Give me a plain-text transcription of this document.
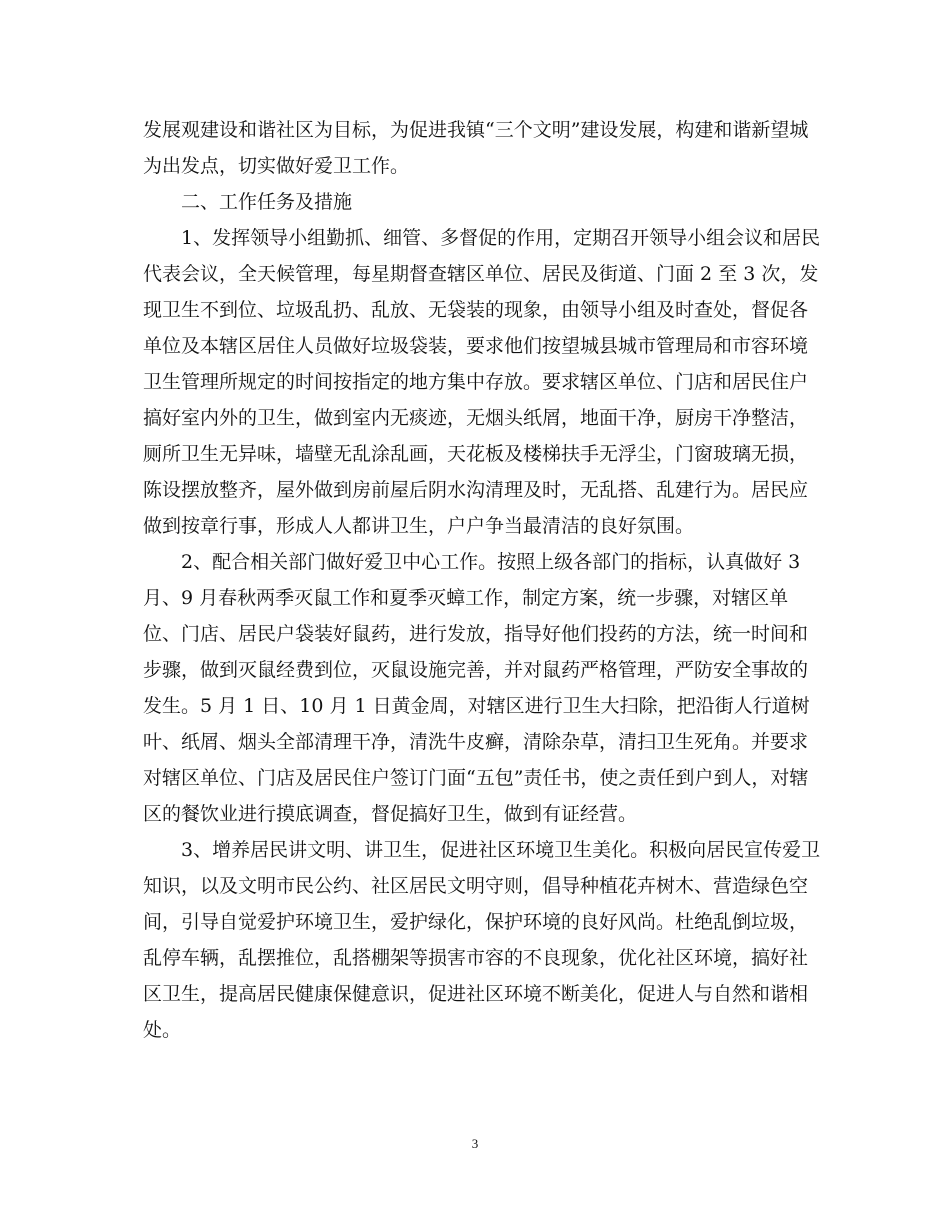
发展观建设和谐社区为目标，为促进我镇“三个文明”建设发展，构建和谐新望城
为出发点，切实做好爱卫工作。
　　二、工作任务及措施
　　1、发挥领导小组勤抓、细管、多督促的作用，定期召开领导小组会议和居民
代表会议，全天候管理，每星期督查辖区单位、居民及街道、门面 2 至 3 次，发
现卫生不到位、垃圾乱扔、乱放、无袋装的现象，由领导小组及时查处，督促各
单位及本辖区居住人员做好垃圾袋装，要求他们按望城县城市管理局和市容环境
卫生管理所规定的时间按指定的地方集中存放。要求辖区单位、门店和居民住户
搞好室内外的卫生，做到室内无痰迹，无烟头纸屑，地面干净，厨房干净整洁，
厕所卫生无异味，墙壁无乱涂乱画，天花板及楼梯扶手无浮尘，门窗玻璃无损，
陈设摆放整齐，屋外做到房前屋后阴水沟清理及时，无乱搭、乱建行为。居民应
做到按章行事，形成人人都讲卫生，户户争当最清洁的良好氛围。
　　2、配合相关部门做好爱卫中心工作。按照上级各部门的指标，认真做好 3
月、9 月春秋两季灭鼠工作和夏季灭蟑工作，制定方案，统一步骤，对辖区单
位、门店、居民户袋装好鼠药，进行发放，指导好他们投药的方法，统一时间和
步骤，做到灭鼠经费到位，灭鼠设施完善，并对鼠药严格管理，严防安全事故的
发生。5 月 1 日、10 月 1 日黄金周，对辖区进行卫生大扫除，把沿街人行道树
叶、纸屑、烟头全部清理干净，清洗牛皮癣，清除杂草，清扫卫生死角。并要求
对辖区单位、门店及居民住户签订门面“五包”责任书，使之责任到户到人，对辖
区的餐饮业进行摸底调查，督促搞好卫生，做到有证经营。
　　3、增养居民讲文明、讲卫生，促进社区环境卫生美化。积极向居民宣传爱卫
知识，以及文明市民公约、社区居民文明守则，倡导种植花卉树木、营造绿色空
间，引导自觉爱护环境卫生，爱护绿化，保护环境的良好风尚。杜绝乱倒垃圾，
乱停车辆，乱摆推位，乱搭棚架等损害市容的不良现象，优化社区环境，搞好社
区卫生，提高居民健康保健意识，促进社区环境不断美化，促进人与自然和谐相
处。
3
